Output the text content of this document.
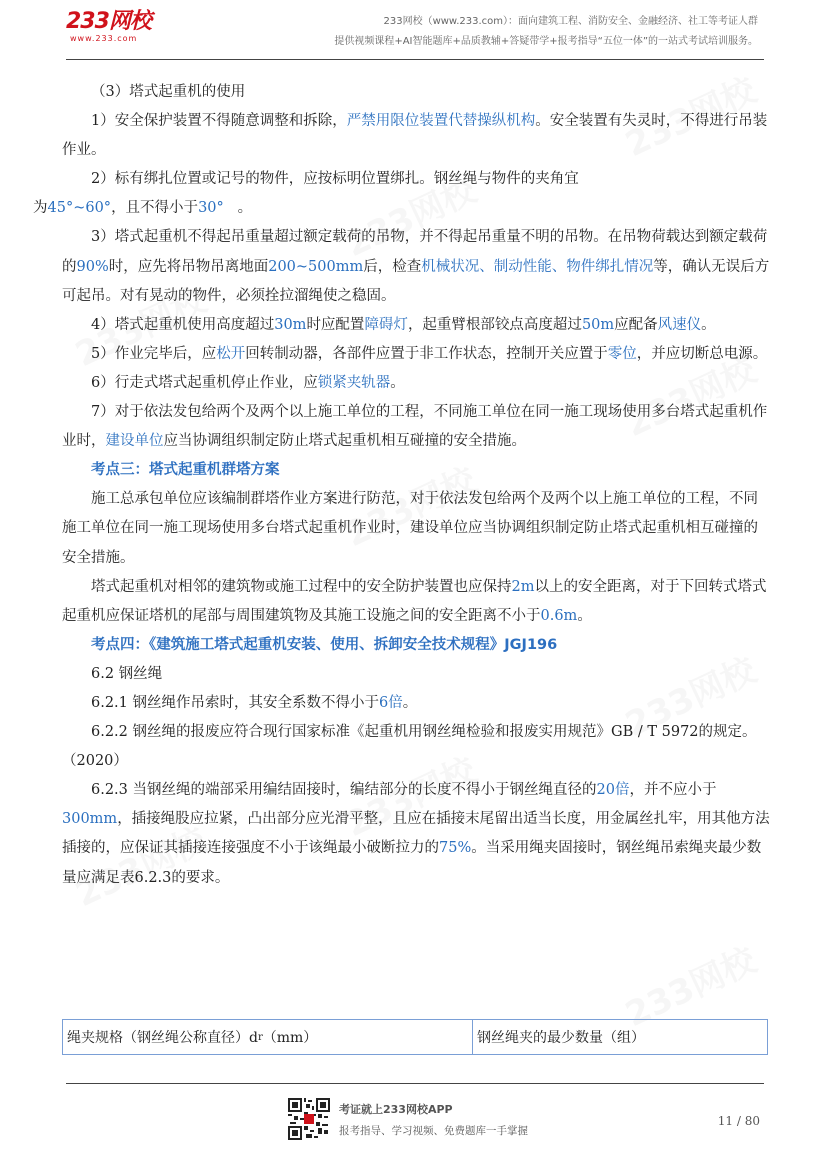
233网校
www.233.com
233网校（www.233.com）：面向建筑工程、消防安全、金融经济、社工等考证人群
提供视频课程+AI智能题库+品质教辅+答疑带学+报考指导“五位一体”的一站式考试培训服务。

（3）塔式起重机的使用

1）安全保护装置不得随意调整和拆除，严禁用限位装置代替操纵机构。安全装置有失灵时，不得进行吊装作业。

2）标有绑扎位置或记号的物件，应按标明位置绑扎。钢丝绳与物件的夹角宜
为45°~60°，且不得小于30° 。

3）塔式起重机不得起吊重量超过额定载荷的吊物，并不得起吊重量不明的吊物。在吊物荷载达到额定载荷的90%时，应先将吊物吊离地面200~500mm后，检查机械状况、制动性能、物件绑扎情况等，确认无误后方可起吊。对有晃动的物件，必须拴拉溜绳使之稳固。

4）塔式起重机使用高度超过30m时应配置障碍灯，起重臂根部铰点高度超过50m应配备风速仪。

5）作业完毕后，应松开回转制动器，各部件应置于非工作状态，控制开关应置于零位，并应切断总电源。

6）行走式塔式起重机停止作业，应锁紧夹轨器。

7）对于依法发包给两个及两个以上施工单位的工程，不同施工单位在同一施工现场使用多台塔式起重机作业时，建设单位应当协调组织制定防止塔式起重机相互碰撞的安全措施。

考点三：塔式起重机群塔方案

施工总承包单位应该编制群塔作业方案进行防范，对于依法发包给两个及两个以上施工单位的工程，不同施工单位在同一施工现场使用多台塔式起重机作业时，建设单位应当协调组织制定防止塔式起重机相互碰撞的安全措施。

塔式起重机对相邻的建筑物或施工过程中的安全防护装置也应保持2m以上的安全距离，对于下回转式塔式起重机应保证塔机的尾部与周围建筑物及其施工设施之间的安全距离不小于0.6m。

考点四：《建筑施工塔式起重机安装、使用、拆卸安全技术规程》JGJ196

6.2 钢丝绳

6.2.1 钢丝绳作吊索时，其安全系数不得小于6倍。

6.2.2 钢丝绳的报废应符合现行国家标准《起重机用钢丝绳检验和报废实用规范》GB / T 5972的规定。（2020）

6.2.3 当钢丝绳的端部采用编结固接时，编结部分的长度不得小于钢丝绳直径的20倍，并不应小于300mm，插接绳股应拉紧，凸出部分应光滑平整，且应在插接末尾留出适当长度，用金属丝扎牢，用其他方法插接的，应保证其插接连接强度不小于该绳最小破断拉力的75%。当采用绳夹固接时，钢丝绳吊索绳夹最少数量应满足表6.2.3的要求。

绳夹规格（钢丝绳公称直径）d r （mm）	钢丝绳夹的最少数量（组）
考证就上233网校APP
报考指导、学习视频、免费题库一手掌握
11 / 80
